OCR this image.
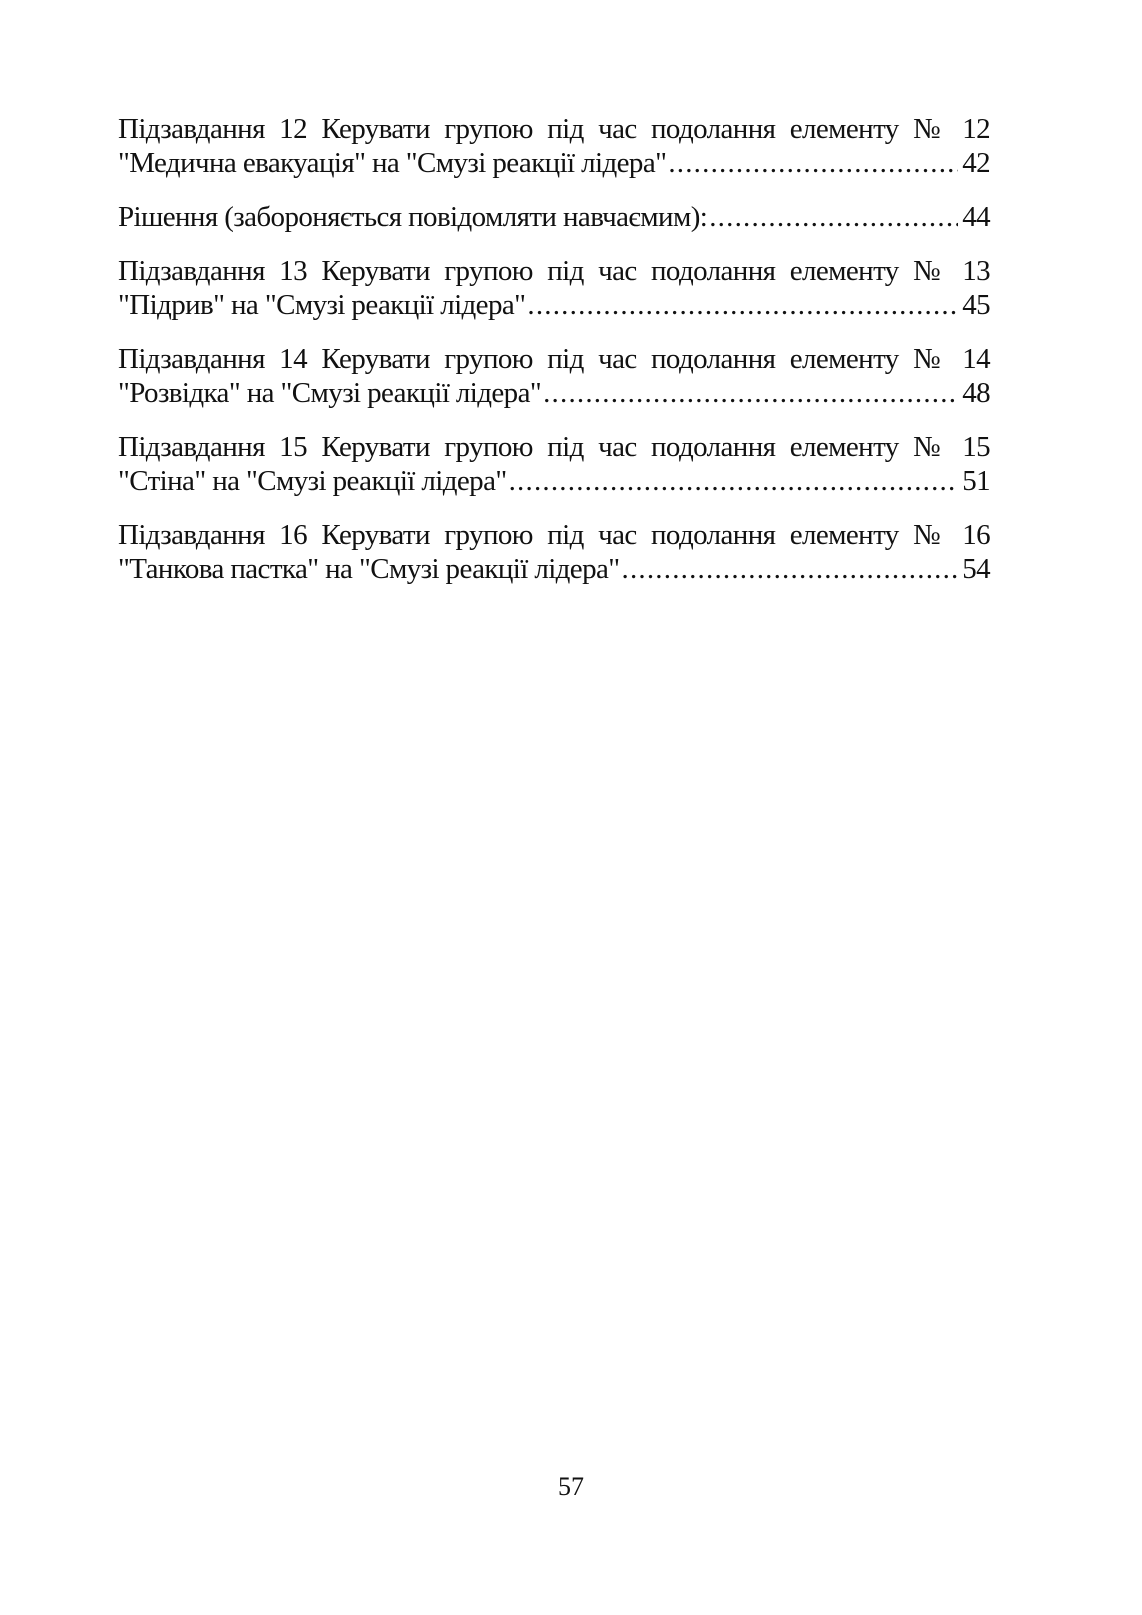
Підзавдання 12 Керувати групою під час подолання елементу № 12
"Медична евакуація" на "Смузі реакції лідера" .....	42
Рішення (забороняється повідомляти навчаємим): .....	44
Підзавдання 13 Керувати групою під час подолання елементу № 13
"Підрив" на "Смузі реакції лідера" .....	45
Підзавдання 14 Керувати групою під час подолання елементу № 14
"Розвідка" на "Смузі реакції лідера" .....	48
Підзавдання 15 Керувати групою під час подолання елементу № 15
"Стіна" на "Смузі реакції лідера" .....	51
Підзавдання 16 Керувати групою під час подолання елементу № 16
"Танкова пастка" на "Смузі реакції лідера" .....	54
57
